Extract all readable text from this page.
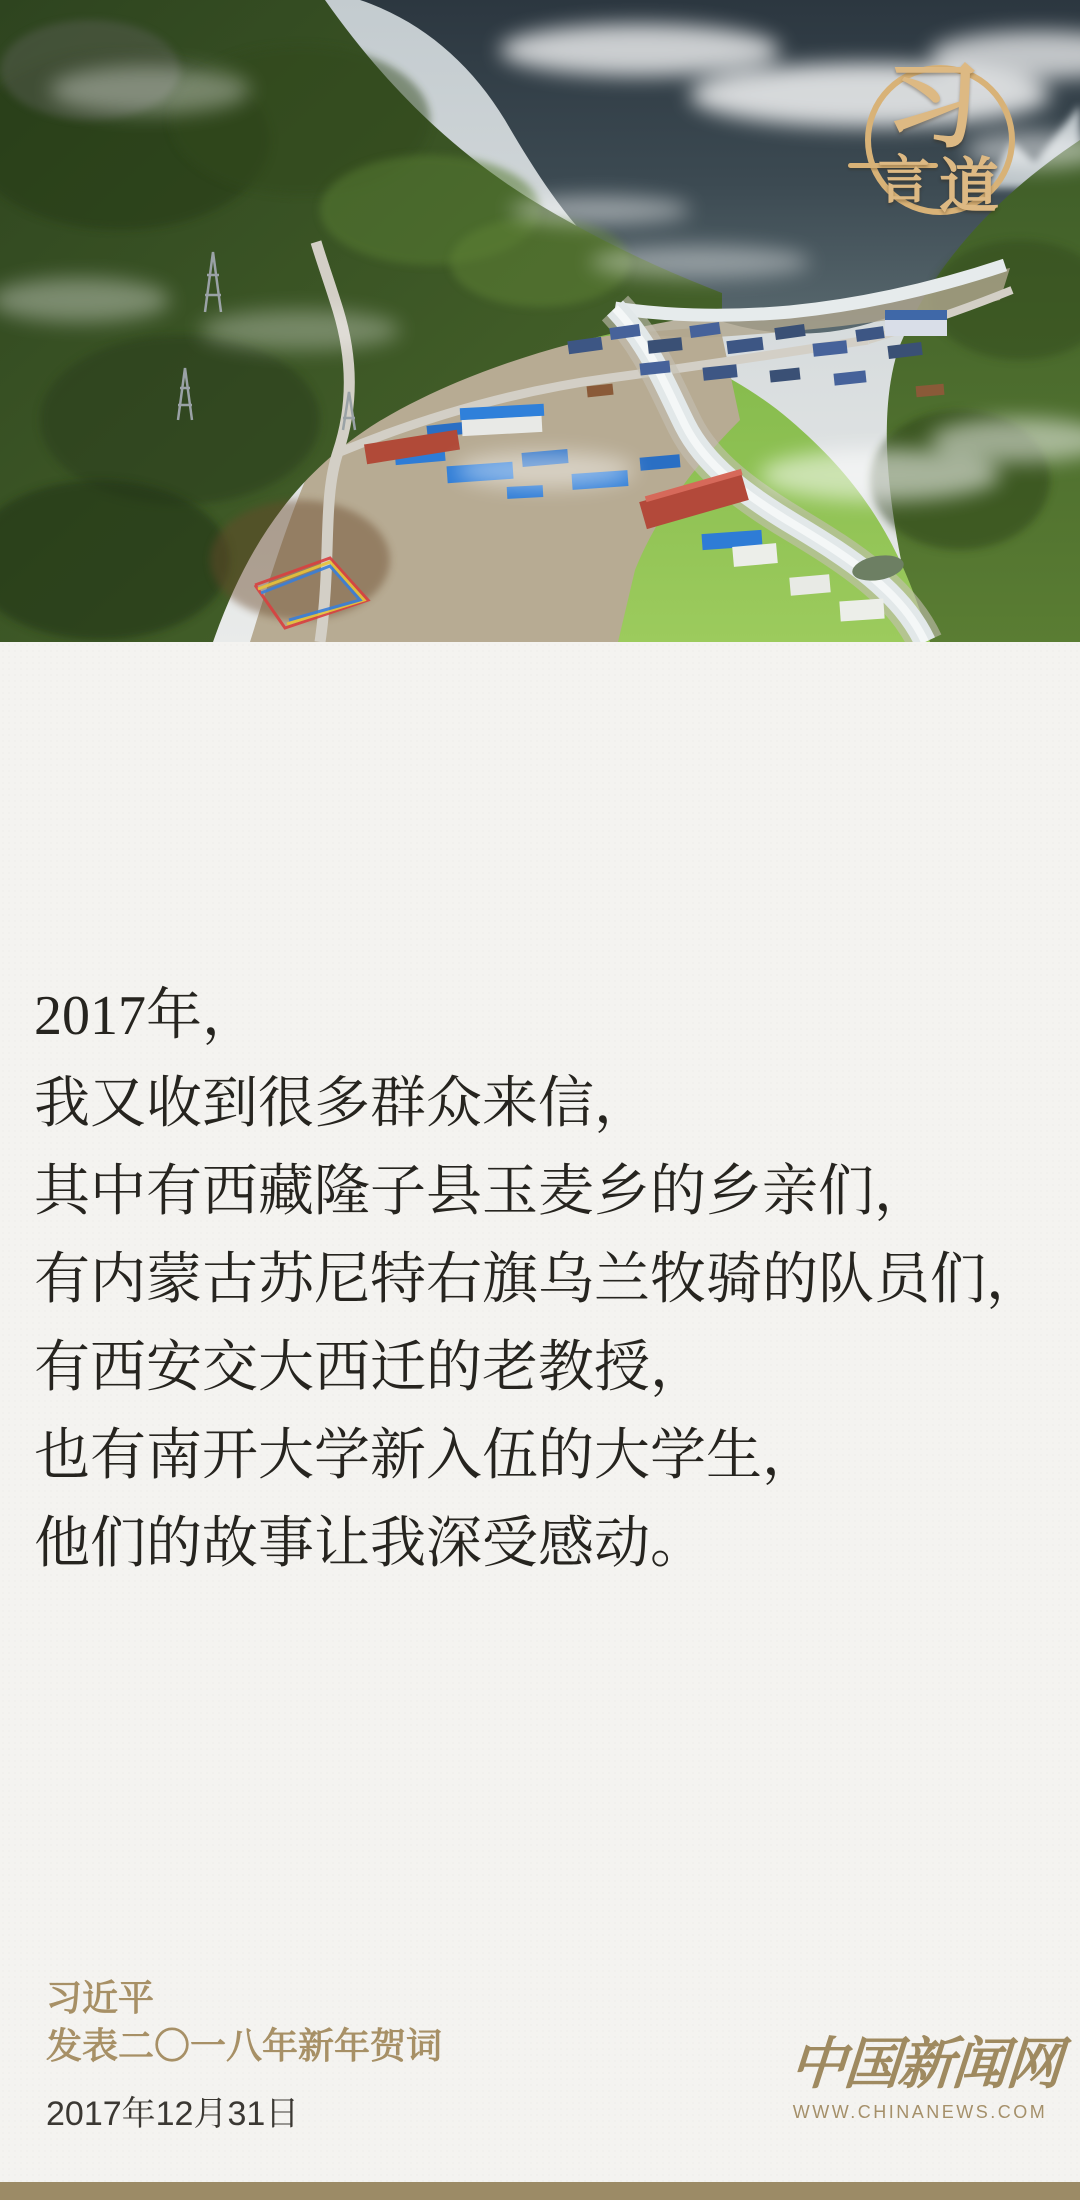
习
言 道

2017年，

我又收到很多群众来信，

其中有西藏隆子县玉麦乡的乡亲们，

有内蒙古苏尼特右旗乌兰牧骑的队员们，

有西安交大西迁的老教授，

也有南开大学新入伍的大学生，

他们的故事让我深受感动。

习近平

发表二〇一八年新年贺词

2017年12月31日

中国新闻网
WWW.CHINANEWS.COM
